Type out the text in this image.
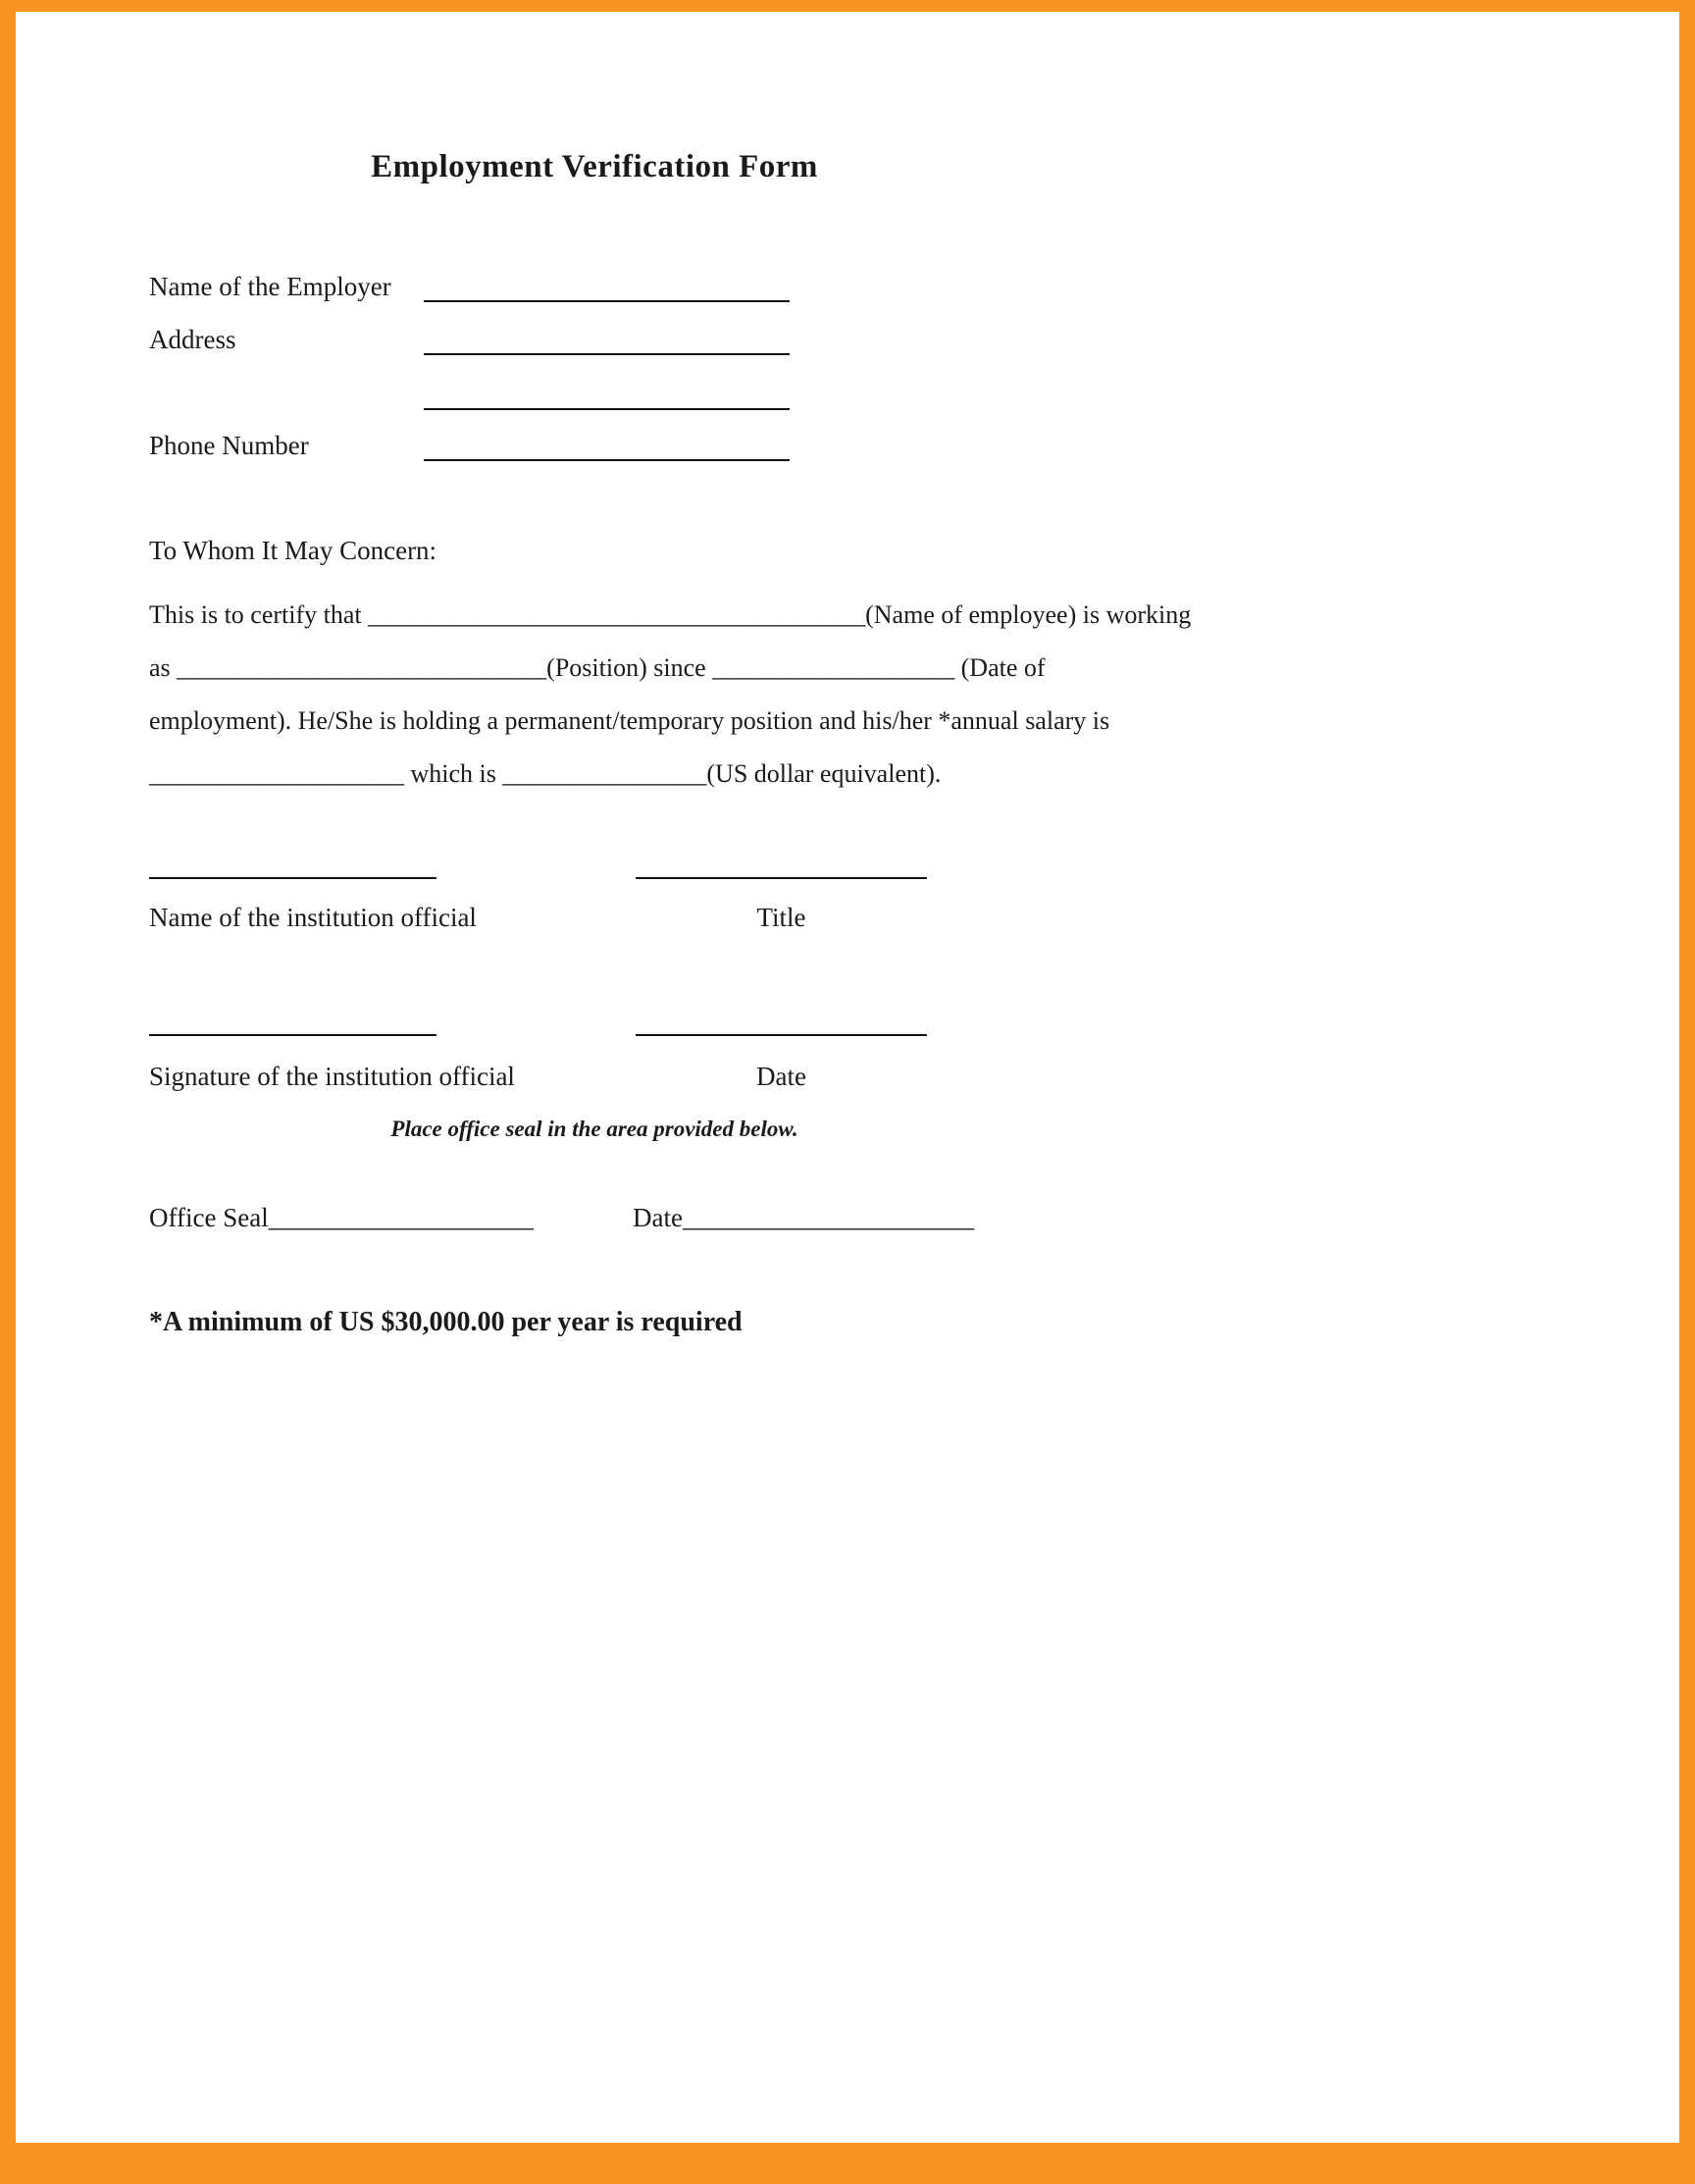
Employment Verification Form
Name of the Employer
Address
Phone Number
To Whom It May Concern:
This is to certify that _______________________________________(Name of employee) is working
as _____________________________(Position) since ___________________ (Date of
employment). He/She is holding a permanent/temporary position and his/her *annual salary is
____________________ which is ________________(US dollar equivalent).
Name of the institution official	Title
Signature of the institution official	Date
Place office seal in the area provided below.
Office Seal____________________	Date______________________
*A minimum of US $30,000.00 per year is required
